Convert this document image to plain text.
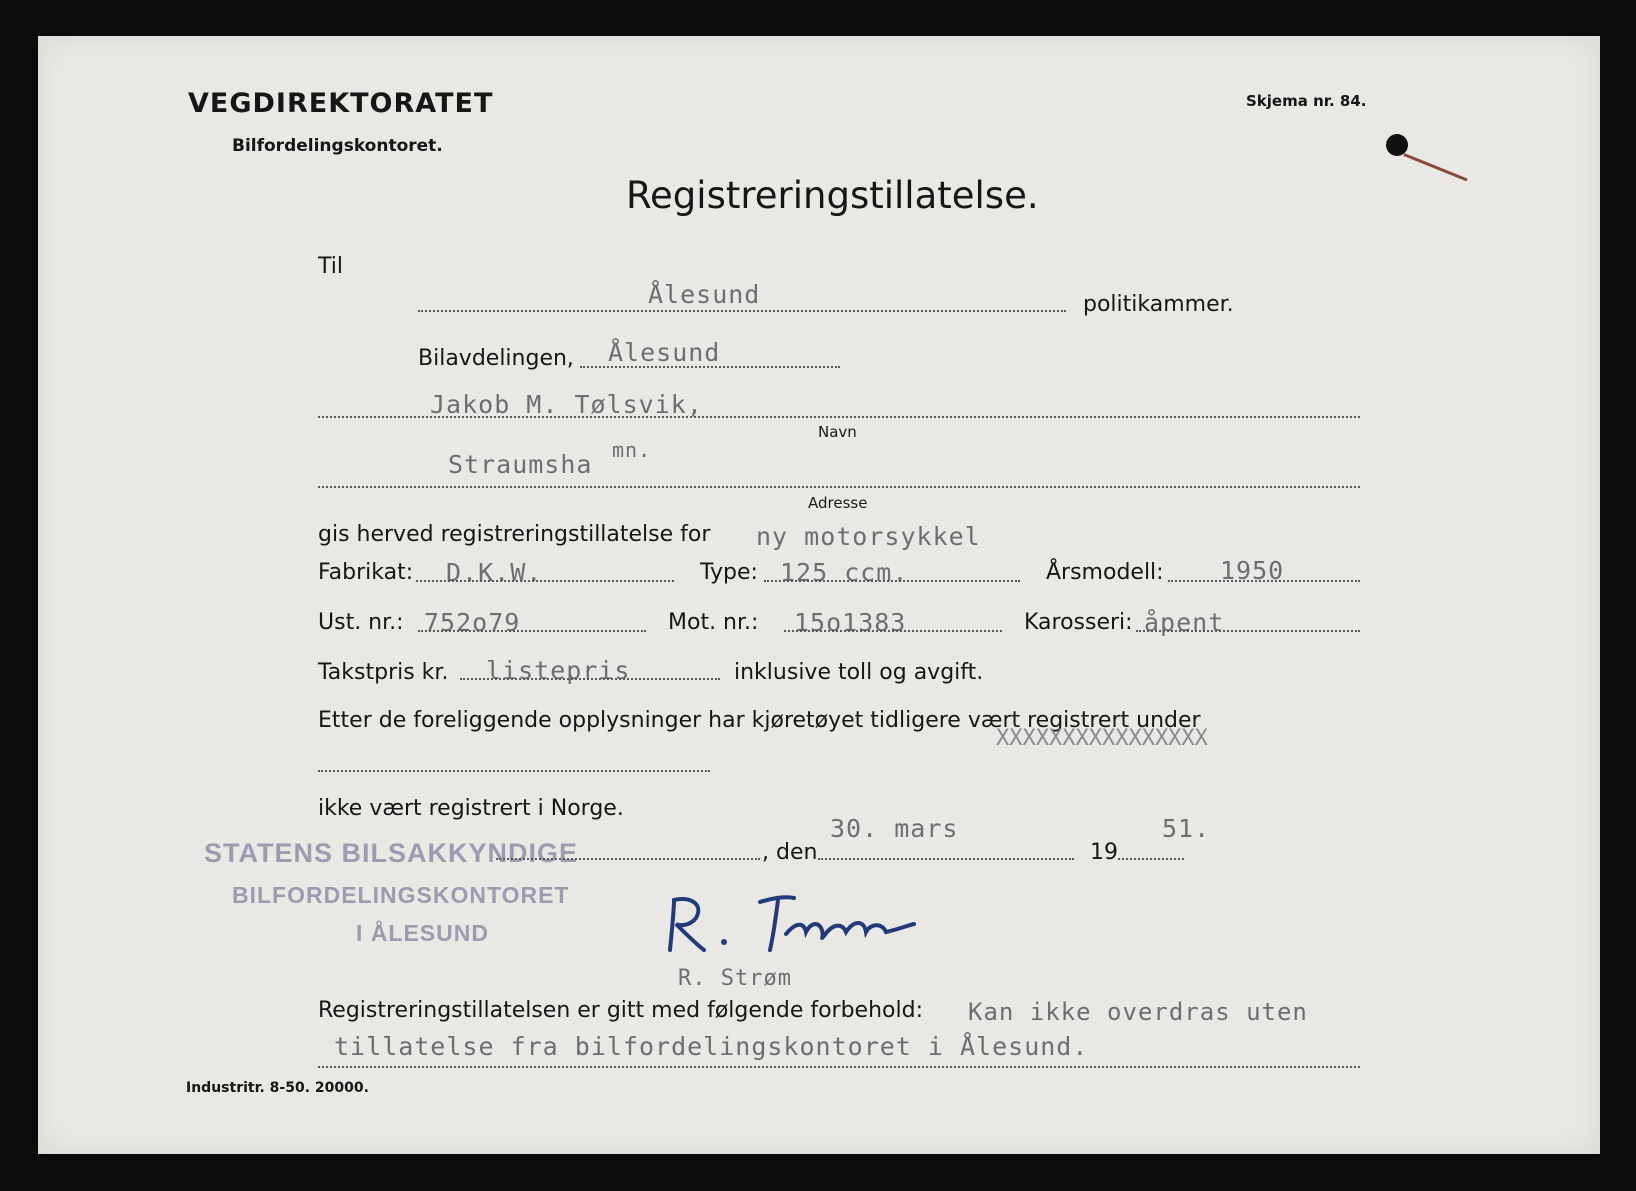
VEGDIREKTORATET
Bilfordelingskontoret.
Skjema nr. 84.
Registreringstillatelse.
Til
Ålesund	politikammer.
Bilavdelingen, Ålesund
Jakob M. Tølsvik,
Navn
Straumsha mn.
Adresse
gis herved registreringstillatelse for ny motorsykkel
Fabrikat: D.K.W.	Type: 125 ccm.	Årsmodell: 1950
Ust. nr.: 752o79	Mot. nr.: 15o1383	Karosseri: åpent
Takstpris kr. listepris	inklusive toll og avgift.
Etter de foreliggende opplysninger har kjøretøyet tidligere vært registrert under
XXXXXXXXXXXXXXXX
ikke vært registrert i Norge.
STATENS BILSAKKYNDIGE
BILFORDELINGSKONTORET
I ÅLESUND
, den
30. mars
19
51.
R. Strøm
Registreringstillatelsen er gitt med følgende forbehold: Kan ikke overdras uten
tillatelse fra bilfordelingskontoret i Ålesund.
Industritr. 8-50. 20000.
